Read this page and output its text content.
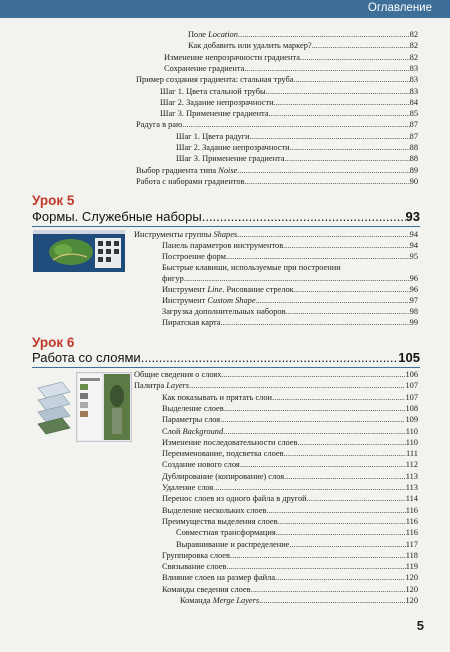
Оглавление
Поле Location .....	82
Как добавить или удалить маркер? .....	82
Изменение непрозрачности градиента .....	82
Сохранение градиента .....	83
Пример создания градиента: стальная труба .....	83
Шаг 1. Цвета стальной трубы .....	83
Шаг 2. Задание непрозрачности .....	84
Шаг 3. Применение градиента .....	85
Радуга в раю .....	87
Шаг 1. Цвета радуги .....	87
Шаг 2. Задание непрозрачности .....	88
Шаг 3. Применение градиента .....	88
Выбор градиента типа Noise .....	89
Работа с наборами градиентов .....	90
Урок 5
Формы. Служебные наборы .....	93
Инструменты группы Shapes .....	94
Панель параметров инструментов .....	94
Построение форм .....	95
Быстрые клавиши, используемые при построении
фигур .....	96
Инструмент Line. Рисование стрелок .....	96
Инструмент Custom Shape .....	97
Загрузка дополнительных наборов .....	98
Пиратская карта .....	99
Урок 6
Работа со слоями .....	105
Общие сведения о слоях .....	106
Палитра Layers .....	107
Как показывать и прятать слои .....	107
Выделение слоев .....	108
Параметры слоя .....	109
Слой Background .....	110
Изменение последовательности слоев .....	110
Переименование, подсветка слоев .....	111
Создание нового слоя .....	112
Дублирование (копирование) слоя .....	113
Удаление слоя .....	113
Перенос слоев из одного файла в другой .....	114
Выделение нескольких слоев .....	116
Преимущества выделения слоев .....	116
Совместная трансформация .....	116
Выравнивание и распределение .....	117
Группировка слоев .....	118
Связывание слоев .....	119
Влияние слоев на размер файла .....	120
Команды сведения слоев .....	120
Команда Merge Layers .....	120
5
